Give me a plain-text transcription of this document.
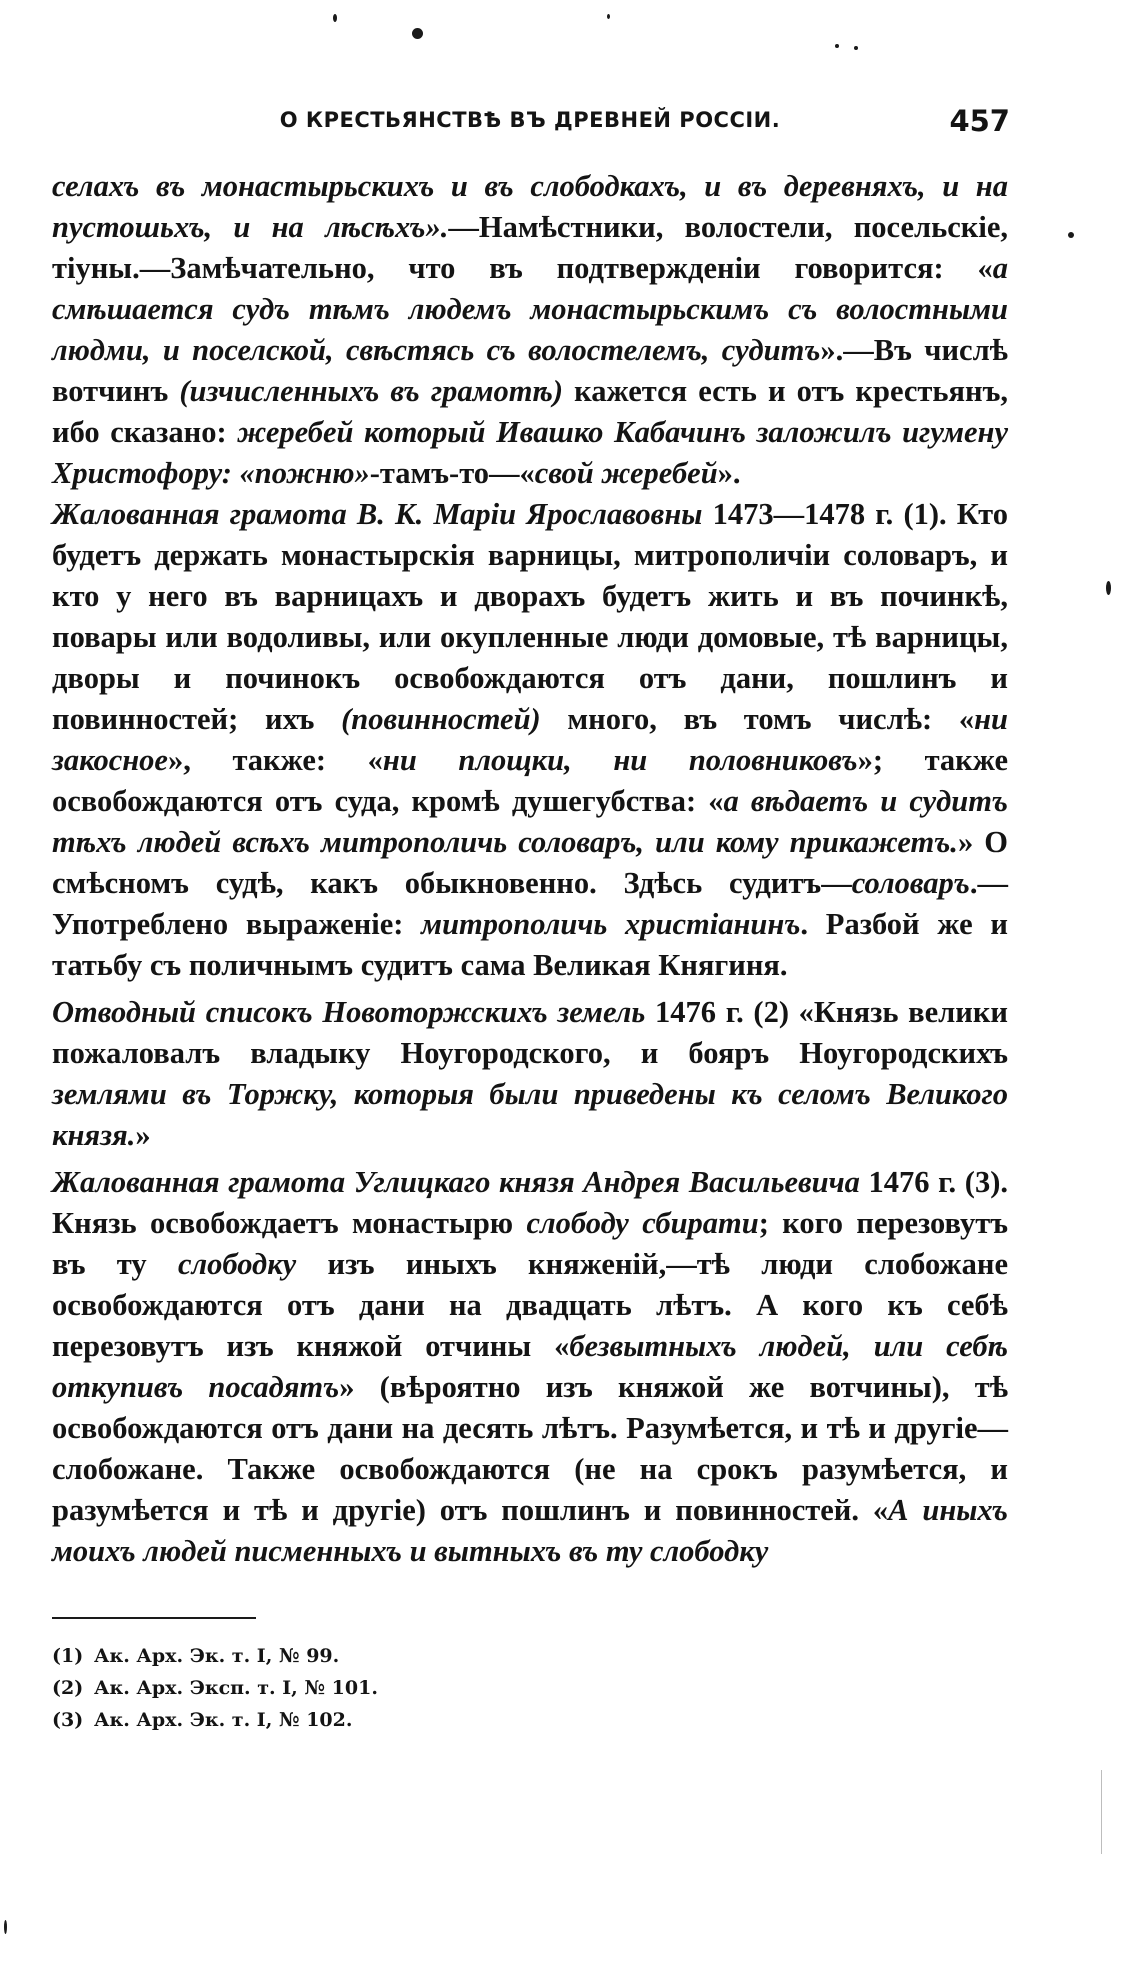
О КРЕСТЬЯНСТВѢ ВЪ ДРЕВНЕЙ РОССІИ.	457

селахъ въ монастырьскихъ и въ слободкахъ, и въ деревняхъ, и на пустошьхъ, и на лѣсѣхъ».—Намѣстники, волостели, посельскіе, тіуны.—Замѣчательно, что въ подтвержденіи говорится: «а смѣшается судъ тѣмъ людемъ монастырьскимъ съ волостными людми, и поселской, свѣстясь съ волостелемъ, судитъ».—Въ числѣ вотчинъ (изчисленныхъ въ грамотѣ) кажется есть и отъ крестьянъ, ибо сказано: жеребей который Ивашко Кабачинъ заложилъ игумену Христофору: «пожню»-тамъ-то—«свой жеребей».

Жалованная грамота В. К. Маріи Ярославовны 1473—1478 г. (1). Кто будетъ держать монастырскія варницы, митрополичіи соловаръ, и кто у него въ варницахъ и дворахъ будетъ жить и въ починкѣ, повары или водоливы, или окупленные люди домовые, тѣ варницы, дворы и починокъ освобождаются отъ дани, пошлинъ и повинностей; ихъ (повинностей) много, въ томъ числѣ: «ни закосное», также: «ни площки, ни половниковъ»; также освобождаются отъ суда, кромѣ душегубства: «а вѣдаетъ и судитъ тѣхъ людей всѣхъ митрополичь соловаръ, или кому прикажетъ.» О смѣсномъ судѣ, какъ обыкновенно. Здѣсь судитъ—соловаръ.—Употреблено выраженіе: митрополичь христіанинъ. Разбой же и татьбу съ поличнымъ судитъ сама Великая Княгиня.

Отводный списокъ Новоторжскихъ земель 1476 г. (2) «Князь велики пожаловалъ владыку Ноугородского, и бояръ Ноугородскихъ землями въ Торжку, которыя были приведены къ селомъ Великого князя.»

Жалованная грамота Углицкаго князя Андрея Васильевича 1476 г. (3). Князь освобождаетъ монастырю слободу сбирати; кого перезовутъ въ ту слободку изъ иныхъ княженій,—тѣ люди слобожане освобождаются отъ дани на двадцать лѣтъ. А кого къ себѣ перезовутъ изъ княжой отчины «безвытныхъ людей, или себѣ откупивъ посадятъ» (вѣроятно изъ княжой же вотчины), тѣ освобождаются отъ дани на десять лѣтъ. Разумѣется, и тѣ и другіе—слобожане. Также освобождаются (не на срокъ разумѣется, и разумѣется и тѣ и другіе) отъ пошлинъ и повинностей. «А иныхъ моихъ людей писменныхъ и вытныхъ въ ту слободку

(1) Ак. Арх. Эк. т. I, № 99.

(2) Ак. Арх. Эксп. т. I, № 101.

(3) Ак. Арх. Эк. т. I, № 102.
